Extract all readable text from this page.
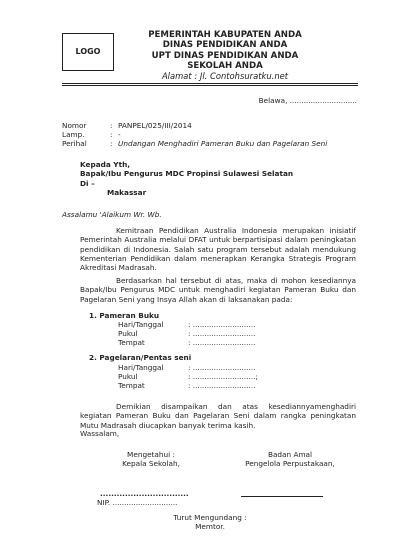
LOGO
PEMERINTAH KABUPATEN ANDA
DINAS PENDIDIKAN ANDA
UPT DINAS PENDIDIKAN ANDA
SEKOLAH ANDA
Alamat : Jl. Contohsuratku.net
Belawa, .............................
Nomor	: PANPEL/025/III/2014
Lamp.	: -
Perihal	: Undangan Menghadiri Pameran Buku dan Pagelaran Seni
Kepada Yth,
Bapak/Ibu Pengurus MDC Propinsi Sulawesi Selatan
Di –
Makassar
Assalamu 'Alaikum Wr. Wb.
Kemitraan Pendidikan Australia Indonesia merupakan inisiatif Pemerintah Australia melalui DFAT untuk berpartisipasi dalam peningkatan pendidikan di Indonesia. Salah satu program tersebut adalah mendukung Kementerian Pendidikan dalam menerapkan Kerangka Strategis Program Akreditasi Madrasah.
Berdasarkan hal tersebut di atas, maka di mohon kesediannya Bapak/Ibu Pengurus MDC untuk menghadiri kegiatan Pameran Buku dan Pagelaran Seni yang Insya Allah akan di laksanakan pada:
1. Pameran Buku
Hari/Tanggal	: ...........................
Pukul	: ...........................
Tempat	: ...........................
2. Pagelaran/Pentas seni
Hari/Tanggal	: ...........................
Pukul	: ...........................;
Tempat	: ...........................
Demikian disampaikan dan atas kesediannyamenghadiri kegiatan Pameran Buku dan Pagelaran Seni dalam rangka peningkatan Mutu Madrasah diucapkan banyak terima kasih.
Wassalam,
Mengetahui :
Kepala Sekolah,
Badan Amal
Pengelola Perpustakaan,
................................
NIP. ............................
Turut Mengundang :
Memtor.
